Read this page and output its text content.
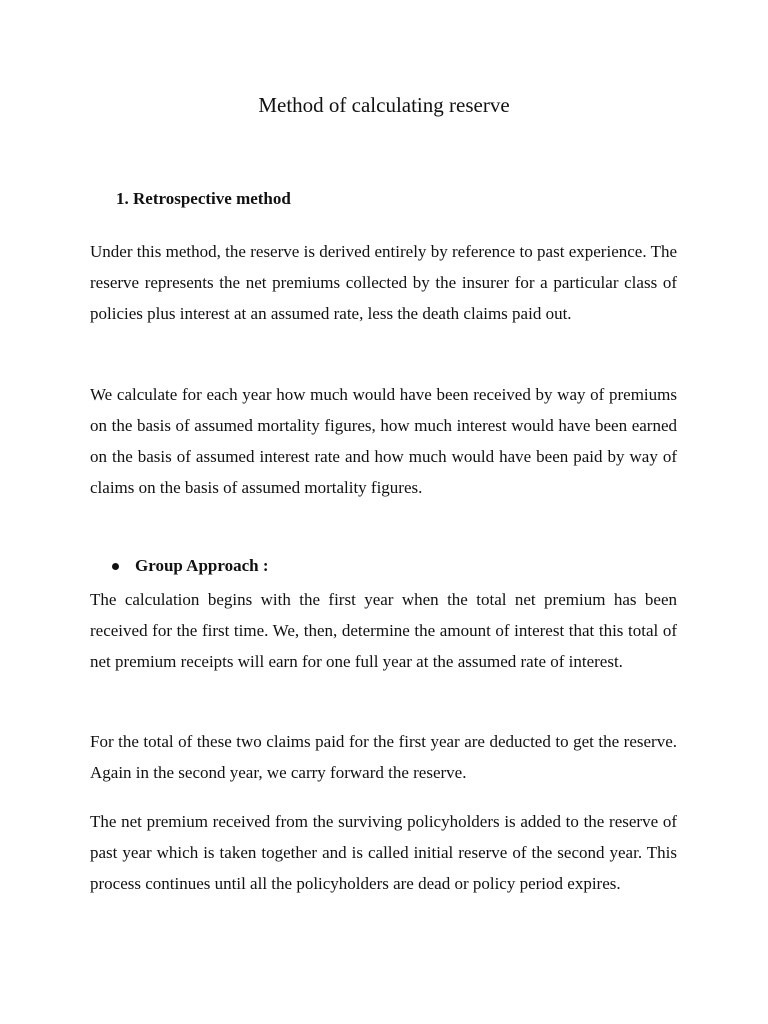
Method of calculating reserve
1. Retrospective method

Under this method, the reserve is derived entirely by reference to past experience. The reserve represents the net premiums collected by the insurer for a particular class of policies plus interest at an assumed rate, less the death claims paid out.

We calculate for each year how much would have been received by way of premiums on the basis of assumed mortality figures, how much interest would have been earned on the basis of assumed interest rate and how much would have been paid by way of claims on the basis of assumed mortality figures.

Group Approach :

The calculation begins with the first year when the total net premium has been received for the first time. We, then, determine the amount of interest that this total of net premium receipts will earn for one full year at the assumed rate of interest.

For the total of these two claims paid for the first year are deducted to get the reserve. Again in the second year, we carry forward the reserve.

The net premium received from the surviving policyholders is added to the reserve of past year which is taken together and is called initial reserve of the second year. This process continues until all the policyholders are dead or policy period expires.
